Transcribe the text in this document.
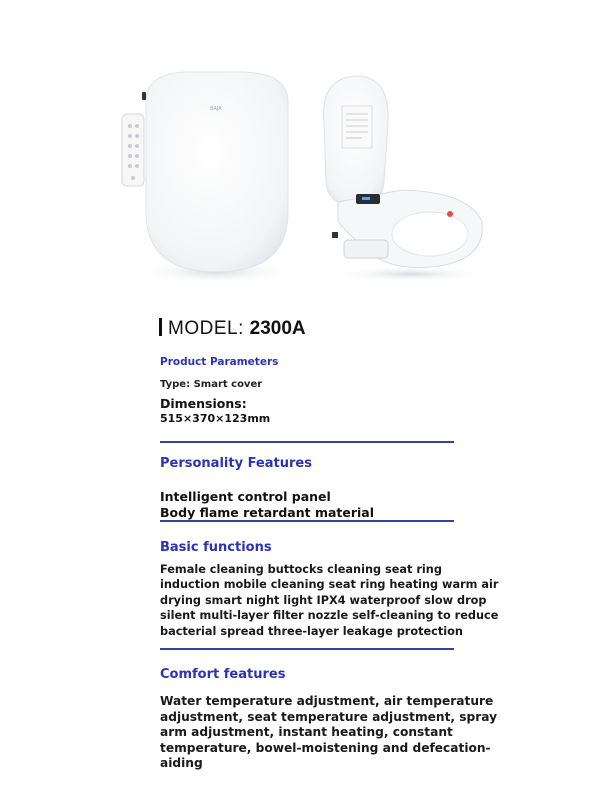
BAJA
MODEL: 2300A
Product Parameters
Type: Smart cover
Dimensions:
515×370×123mm
Personality Features
Intelligent control panel
Body flame retardant material
Basic functions
Female cleaning buttocks cleaning seat ring induction mobile cleaning seat ring heating warm air drying smart night light IPX4 waterproof slow drop silent multi-layer filter nozzle self-cleaning to reduce bacterial spread three-layer leakage protection
Comfort features
Water temperature adjustment, air temperature adjustment, seat temperature adjustment, spray arm adjustment, instant heating, constant temperature, bowel-moistening and defecation-aiding
